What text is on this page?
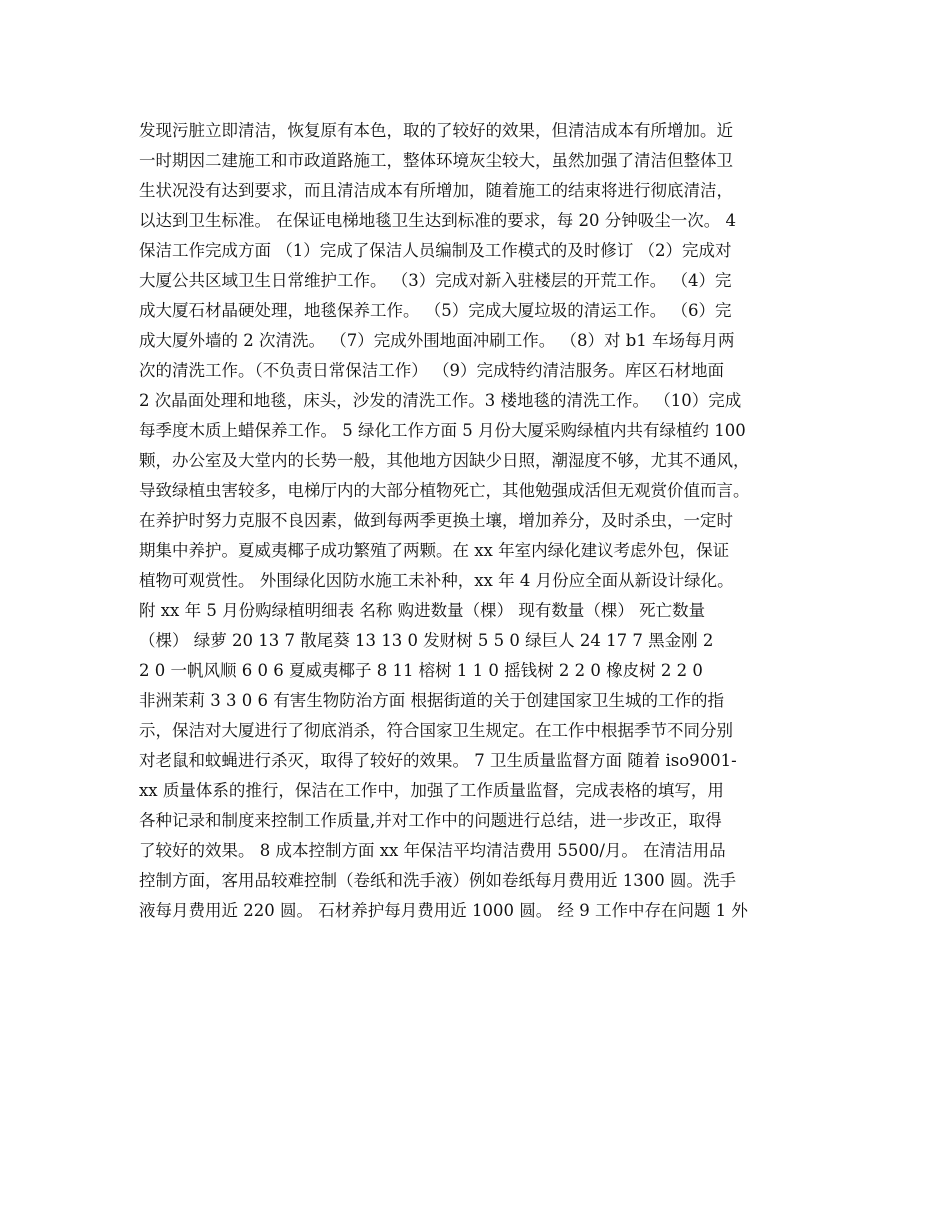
发现污脏立即清洁，恢复原有本色，取的了较好的效果，但清洁成本有所增加。近
一时期因二建施工和市政道路施工，整体环境灰尘较大，虽然加强了清洁但整体卫
生状况没有达到要求，而且清洁成本有所增加，随着施工的结束将进行彻底清洁，
以达到卫生标准。 在保证电梯地毯卫生达到标准的要求，每 20 分钟吸尘一次。 4
保洁工作完成方面 （1）完成了保洁人员编制及工作模式的及时修订 （2）完成对
大厦公共区域卫生日常维护工作。 （3）完成对新入驻楼层的开荒工作。 （4）完
成大厦石材晶硬处理，地毯保养工作。 （5）完成大厦垃圾的清运工作。 （6）完
成大厦外墙的 2 次清洗。 （7）完成外围地面冲刷工作。 （8）对 b1 车场每月两
次的清洗工作。（不负责日常保洁工作） （9）完成特约清洁服务。库区石材地面
2 次晶面处理和地毯，床头，沙发的清洗工作。3 楼地毯的清洗工作。 （10）完成
每季度木质上蜡保养工作。 5 绿化工作方面 5 月份大厦采购绿植内共有绿植约 100
颗，办公室及大堂内的长势一般，其他地方因缺少日照，潮湿度不够，尤其不通风，
导致绿植虫害较多，电梯厅内的大部分植物死亡，其他勉强成活但无观赏价值而言。
在养护时努力克服不良因素，做到每两季更换土壤，增加养分，及时杀虫，一定时
期集中养护。夏威夷椰子成功繁殖了两颗。在 xx 年室内绿化建议考虑外包，保证
植物可观赏性。 外围绿化因防水施工未补种，xx 年 4 月份应全面从新设计绿化。
附 xx 年 5 月份购绿植明细表 名称 购进数量（棵） 现有数量（棵） 死亡数量
（棵） 绿萝 20 13 7 散尾葵 13 13 0 发财树 5 5 0 绿巨人 24 17 7 黑金刚 2
2 0 一帆风顺 6 0 6 夏威夷椰子 8 11 榕树 1 1 0 摇钱树 2 2 0 橡皮树 2 2 0
非洲茉莉 3 3 0 6 有害生物防治方面 根据街道的关于创建国家卫生城的工作的指
示，保洁对大厦进行了彻底消杀，符合国家卫生规定。在工作中根据季节不同分别
对老鼠和蚊蝇进行杀灭，取得了较好的效果。 7 卫生质量监督方面 随着 iso9001-
xx 质量体系的推行，保洁在工作中，加强了工作质量监督，完成表格的填写，用
各种记录和制度来控制工作质量,并对工作中的问题进行总结，进一步改正，取得
了较好的效果。 8 成本控制方面 xx 年保洁平均清洁费用 5500/月。 在清洁用品
控制方面，客用品较难控制（卷纸和洗手液）例如卷纸每月费用近 1300 圆。洗手
液每月费用近 220 圆。 石材养护每月费用近 1000 圆。 经 9 工作中存在问题 1 外
